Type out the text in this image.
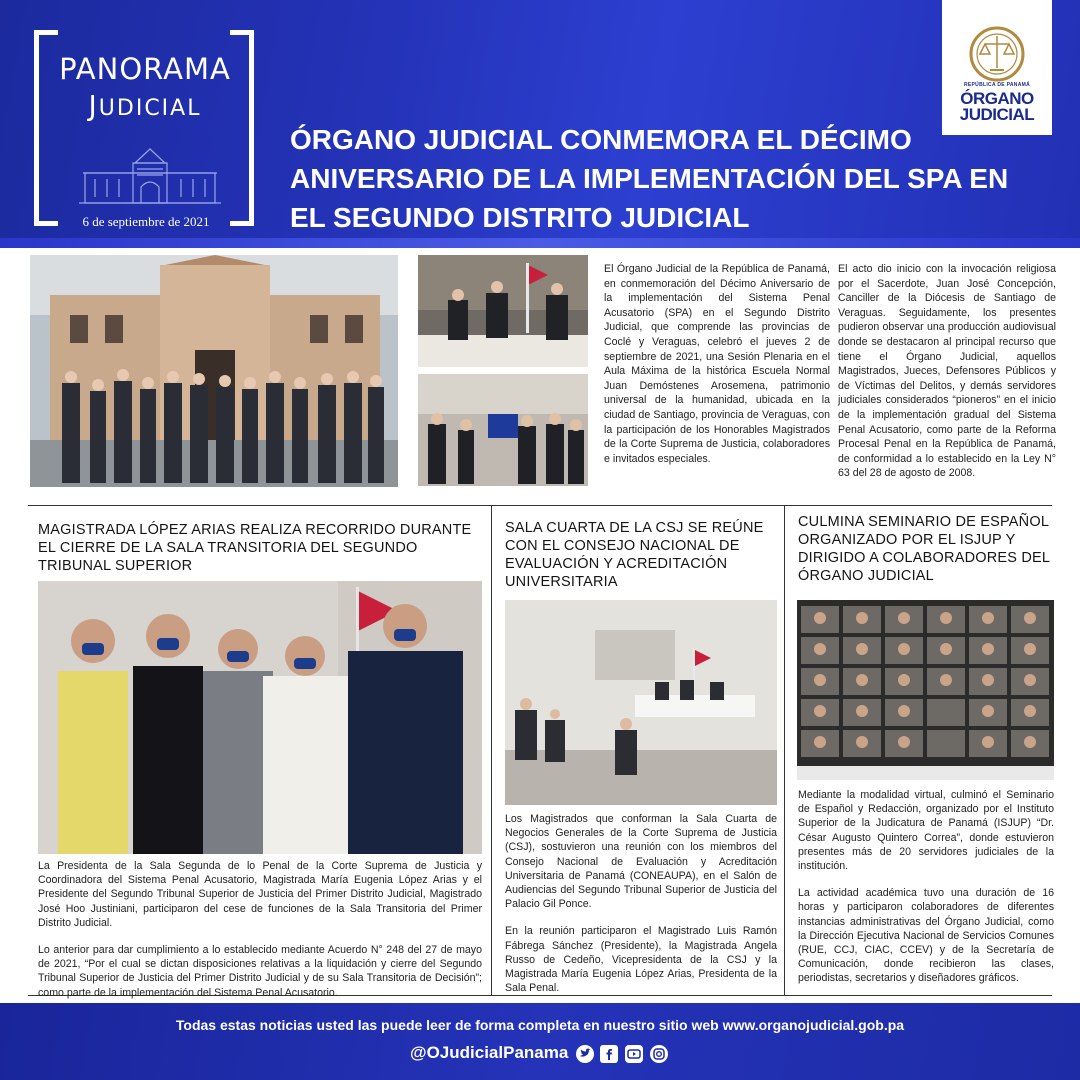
PANORAMA
JUDICIAL
6 de septiembre de 2021
ÓRGANO JUDICIAL CONMEMORA EL DÉCIMO ANIVERSARIO DE LA IMPLEMENTACIÓN DEL SPA EN EL SEGUNDO DISTRITO JUDICIAL
REPÚBLICA DE PANAMÁ
ÓRGANO
JUDICIAL
El Órgano Judicial de la República de Panamá, en conmemoración del Décimo Aniversario de la implementación del Sistema Penal Acusatorio (SPA) en el Segundo Distrito Judicial, que comprende las provincias de Coclé y Veraguas, celebró el jueves 2 de septiembre de 2021, una Sesión Plenaria en el Aula Máxima de la histórica Escuela Normal Juan Demóstenes Arosemena, patrimonio universal de la humanidad, ubicada en la ciudad de Santiago, provincia de Veraguas, con la participación de los Honorables Magistrados de la Corte Suprema de Justicia, colaboradores e invitados especiales.
El acto dio inicio con la invocación religiosa por el Sacerdote, Juan José Concepción, Canciller de la Diócesis de Santiago de Veraguas. Seguidamente, los presentes pudieron observar una producción audiovisual donde se destacaron al principal recurso que tiene el Órgano Judicial, aquellos Magistrados, Jueces, Defensores Públicos y de Víctimas del Delitos, y demás servidores judiciales considerados “pioneros” en el inicio de la implementación gradual del Sistema Penal Acusatorio, como parte de la Reforma Procesal Penal en la República de Panamá, de conformidad a lo establecido en la Ley N° 63 del 28 de agosto de 2008.
MAGISTRADA LÓPEZ ARIAS REALIZA RECORRIDO DURANTE EL CIERRE DE LA SALA TRANSITORIA DEL SEGUNDO TRIBUNAL SUPERIOR

La Presidenta de la Sala Segunda de lo Penal de la Corte Suprema de Justicia y Coordinadora del Sistema Penal Acusatorio, Magistrada María Eugenia López Arias y el Presidente del Segundo Tribunal Superior de Justicia del Primer Distrito Judicial, Magistrado José Hoo Justiniani, participaron del cese de funciones de la Sala Transitoria del Primer Distrito Judicial.

Lo anterior para dar cumplimiento a lo establecido mediante Acuerdo N° 248 del 27 de mayo de 2021, “Por el cual se dictan disposiciones relativas a la liquidación y cierre del Segundo Tribunal Superior de Justicia del Primer Distrito Judicial y de su Sala Transitoria de Decisión”; como parte de la implementación del Sistema Penal Acusatorio.

SALA CUARTA DE LA CSJ SE REÚNE CON EL CONSEJO NACIONAL DE EVALUACIÓN Y ACREDITACIÓN UNIVERSITARIA

Los Magistrados que conforman la Sala Cuarta de Negocios Generales de la Corte Suprema de Justicia (CSJ), sostuvieron una reunión con los miembros del Consejo Nacional de Evaluación y Acreditación Universitaria de Panamá (CONEAUPA), en el Salón de Audiencias del Segundo Tribunal Superior de Justicia del Palacio Gil Ponce.

En la reunión participaron el Magistrado Luis Ramón Fábrega Sánchez (Presidente), la Magistrada Angela Russo de Cedeño, Vicepresidenta de la CSJ y la Magistrada María Eugenia López Arias, Presidenta de la Sala Penal.

CULMINA SEMINARIO DE ESPAÑOL ORGANIZADO POR EL ISJUP Y DIRIGIDO A COLABORADORES DEL ÓRGANO JUDICIAL

Mediante la modalidad virtual, culminó el Seminario de Español y Redacción, organizado por el Instituto Superior de la Judicatura de Panamá (ISJUP) “Dr. César Augusto Quintero Correa”, donde estuvieron presentes más de 20 servidores judiciales de la institución.

La actividad académica tuvo una duración de 16 horas y participaron colaboradores de diferentes instancias administrativas del Órgano Judicial, como la Dirección Ejecutiva Nacional de Servicios Comunes (RUE, CCJ, CIAC, CCEV) y de la Secretaría de Comunicación, donde recibieron las clases, periodistas, secretarios y diseñadores gráficos.

Todas estas noticias usted las puede leer de forma completa en nuestro sitio web www.organojudicial.gob.pa
@OJudicialPanama
